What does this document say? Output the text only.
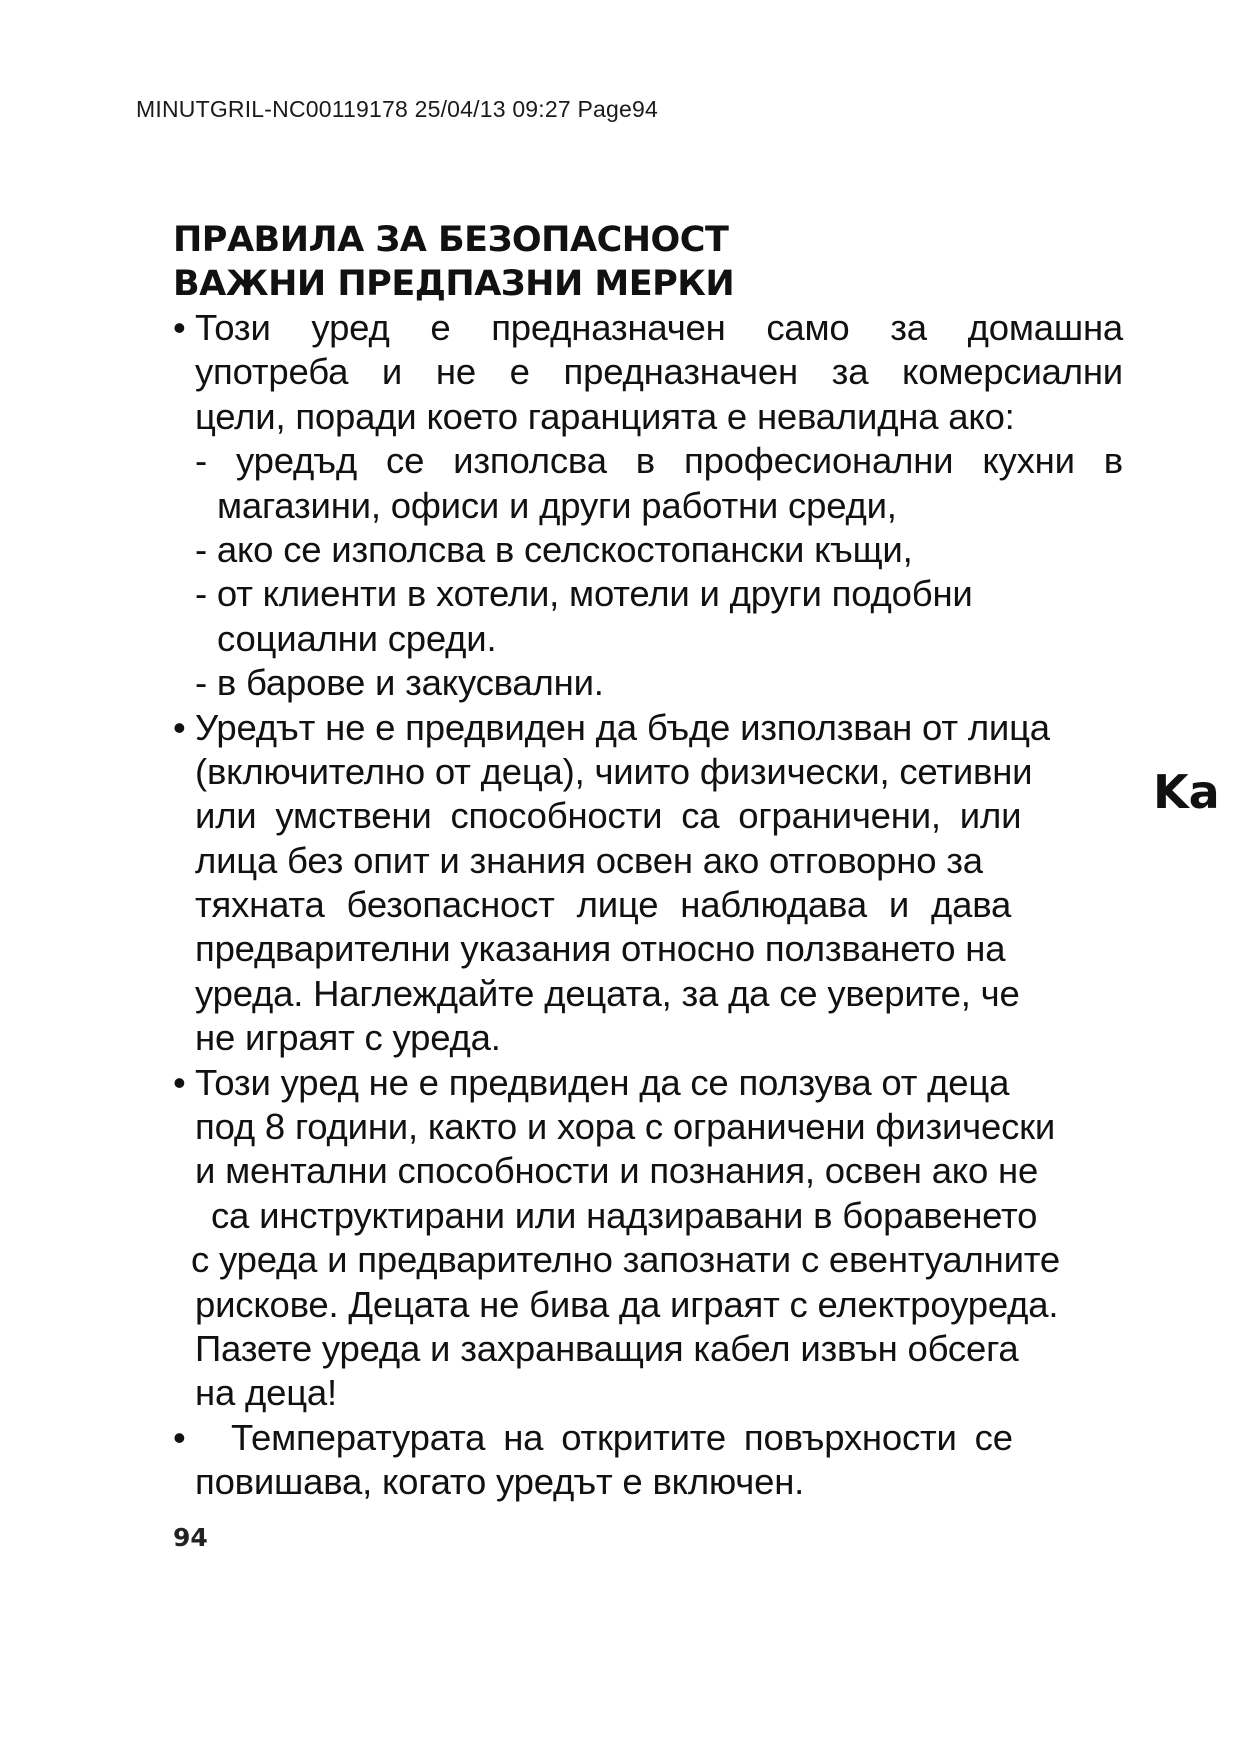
MINUTGRIL-NC00119178 25/04/13 09:27 Page94
ПРАВИЛА ЗА БЕЗОПАСНОСТ
ВАЖНИ ПРЕДПАЗНИ МЕРКИ
• Този уред е предназначен само за домашна
употреба и не е предназначен за комерсиални
цели, поради което гаранцията е невалидна ако:
- уредъд се изполсва в професионални кухни в
магазини, офиси и други работни среди,
- ако се изполсва в селскостопански къщи,
- от клиенти в хотели, мотели и други подобни
социални среди.
- в барове и закусвални.
• Уредът не е предвиден да бъде използван от лица
(включително от деца), чиито физически, сетивни
или умствени способности са ограничени, или
лица без опит и знания освен ако отговорно за
тяхната безопасност лице наблюдава и дава
предварителни указания относно ползването на
уреда. Наглеждайте децата, за да се уверите, че
не играят с уреда.
• Този уред не е предвиден да се ползува от деца
под 8 години, както и хора с ограничени физически
и ментални способности и познания, освен ако не
са инструктирани или надзиравани в боравенето
с уреда и предварително запознати с евентуалните
рискове. Децата не бива да играят с електроуреда.
Пазете уреда и захранващия кабел извън обсега
на деца!
• Температурата на откритите повърхности се
повишава, когато уредът е включен.
94
Ka
